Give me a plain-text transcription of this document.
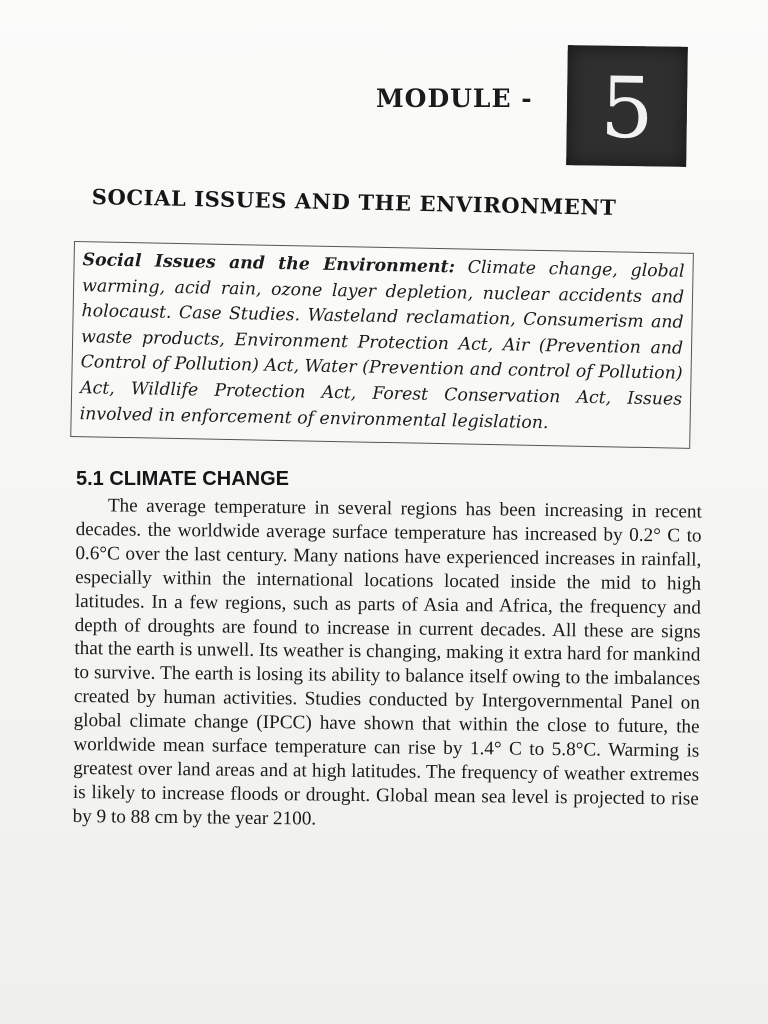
MODULE - 5
SOCIAL ISSUES AND THE ENVIRONMENT
Social Issues and the Environment: Climate change, global warming, acid rain, ozone layer depletion, nuclear accidents and holocaust. Case Studies. Wasteland reclamation, Consumerism and waste products, Environment Protection Act, Air (Prevention and Control of Pollution) Act, Water (Prevention and control of Pollution) Act, Wildlife Protection Act, Forest Conservation Act, Issues involved in enforcement of environmental legislation.
5.1 CLIMATE CHANGE

The average temperature in several regions has been increasing in recent decades. the worldwide average surface temperature has increased by 0.2° C to 0.6°C over the last century. Many nations have experienced increases in rainfall, especially within the international locations located inside the mid to high latitudes. In a few regions, such as parts of Asia and Africa, the frequency and depth of droughts are found to increase in current decades. All these are signs that the earth is unwell. Its weather is changing, making it extra hard for mankind to survive. The earth is losing its ability to balance itself owing to the imbalances created by human activities. Studies conducted by Intergovernmental Panel on global climate change (IPCC) have shown that within the close to future, the worldwide mean surface temperature can rise by 1.4° C to 5.8°C. Warming is greatest over land areas and at high latitudes. The frequency of weather extremes is likely to increase floods or drought. Global mean sea level is projected to rise by 9 to 88 cm by the year 2100.
